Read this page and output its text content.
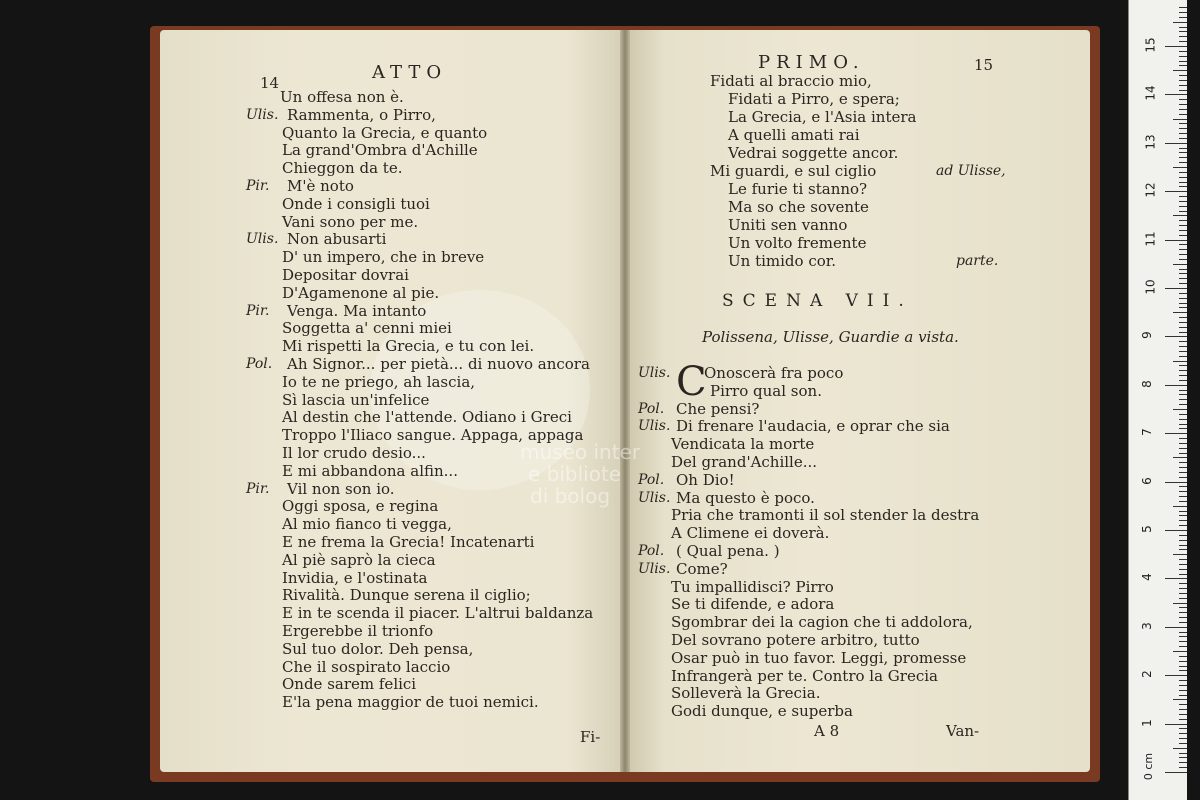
museo inter
e bibliote
di bolog
14	ATTO
Un offesa non è.
Ulis. Rammenta, o Pirro,
Quanto la Grecia, e quanto
La grand'Ombra d'Achille
Chieggon da te.
Pir. M'è noto
Onde i consigli tuoi
Vani sono per me.
Ulis. Non abusarti
D' un impero, che in breve
Depositar dovrai
D'Agamenone al pie.
Pir. Venga. Ma intanto
Soggetta a' cenni miei
Mi rispetti la Grecia, e tu con lei.
Pol. Ah Signor... per pietà... di nuovo ancora
Io te ne priego, ah lascia,
Sì lascia un'infelice
Al destin che l'attende. Odiano i Greci
Troppo l'Iliaco sangue. Appaga, appaga
Il lor crudo desio...
E mi abbandona alfin...
Pir. Vil non son io.
Oggi sposa, e regina
Al mio fianco ti vegga,
E ne frema la Grecia! Incatenarti
Al piè saprò la cieca
Invidia, e l'ostinata
Rivalità. Dunque serena il ciglio;
E in te scenda il piacer. L'altrui baldanza
Ergerebbe il trionfo
Sul tuo dolor. Deh pensa,
Che il sospirato laccio
Onde sarem felici
E'la pena maggior de tuoi nemici.
Fi-
PRIMO.	15
Fidati al braccio mio,
Fidati a Pirro, e spera;
La Grecia, e l'Asia intera
A quelli amati rai
Vedrai soggette ancor.
Mi guardi, e sul ciglio	ad Ulisse,
Le furie ti stanno?
Ma so che sovente
Uniti sen vanno
Un volto fremente
Un timido cor.	parte.
SCENA VII.
Polissena, Ulisse, Guardie a vista.
C
Ulis. Onoscerà fra poco
Pirro qual son.
Pol. Che pensi?
Ulis. Di frenare l'audacia, e oprar che sia
Vendicata la morte
Del grand'Achille...
Pol. Oh Dio!
Ulis. Ma questo è poco.
Pria che tramonti il sol stender la destra
A Climene ei doverà.
Pol. ( Qual pena. )
Ulis. Come?
Tu impallidisci? Pirro
Se ti difende, e adora
Sgombrar dei la cagion che ti addolora,
Del sovrano potere arbitro, tutto
Osar può in tuo favor. Leggi, promesse
Infrangerà per te. Contro la Grecia
Solleverà la Grecia.
Godi dunque, e superba
A 8	Van-	1
2
3
4
5
6
7
8
9
10
11
12
13
14
15
0 cm
